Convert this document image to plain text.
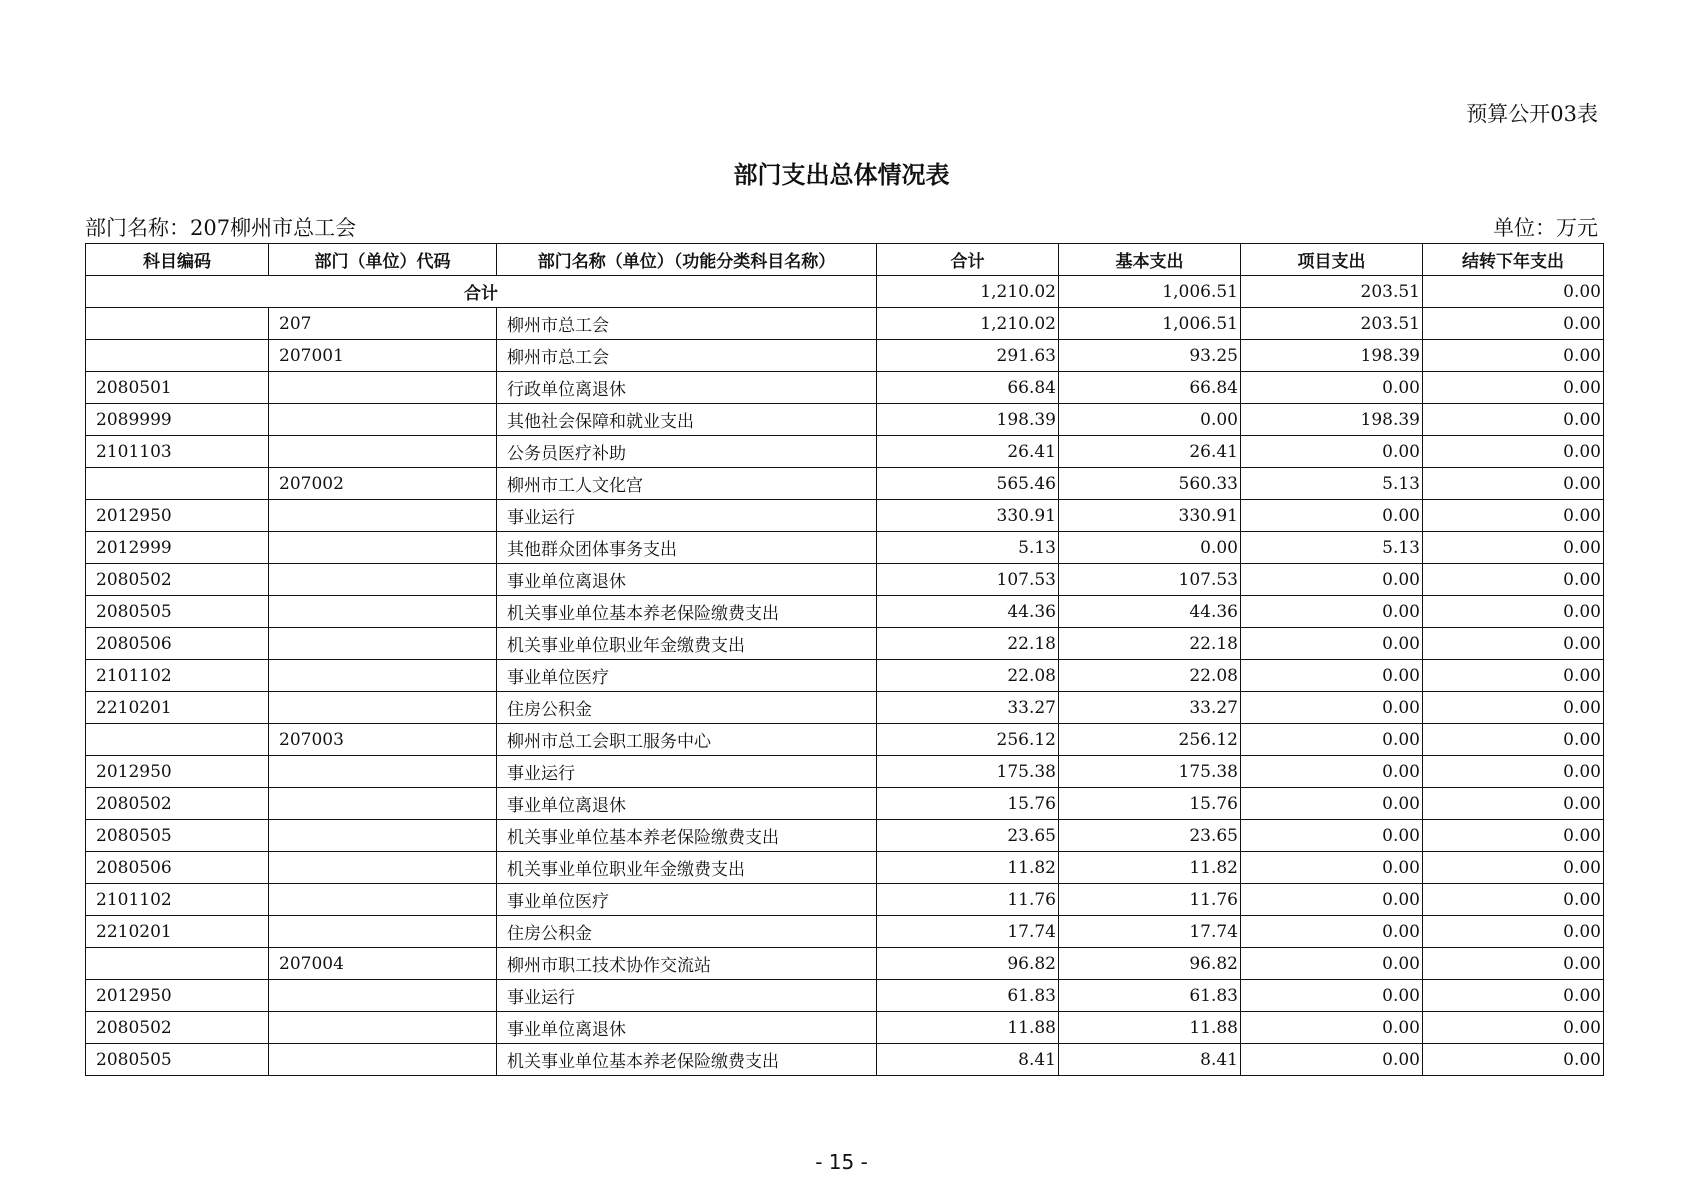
预算公开03表
部门支出总体情况表
部门名称：207柳州市总工会	单位：万元
科目编码	部门（单位）代码	部门名称（单位）（功能分类科目名称）	合计	基本支出	项目支出	结转下年支出
合计			1,210.02	1,006.51	203.51	0.00
	207	柳州市总工会	1,210.02	1,006.51	203.51	0.00
	207001	柳州市总工会	291.63	93.25	198.39	0.00
2080501		行政单位离退休	66.84	66.84	0.00	0.00
2089999		其他社会保障和就业支出	198.39	0.00	198.39	0.00
2101103		公务员医疗补助	26.41	26.41	0.00	0.00
	207002	柳州市工人文化宫	565.46	560.33	5.13	0.00
2012950		事业运行	330.91	330.91	0.00	0.00
2012999		其他群众团体事务支出	5.13	0.00	5.13	0.00
2080502		事业单位离退休	107.53	107.53	0.00	0.00
2080505		机关事业单位基本养老保险缴费支出	44.36	44.36	0.00	0.00
2080506		机关事业单位职业年金缴费支出	22.18	22.18	0.00	0.00
2101102		事业单位医疗	22.08	22.08	0.00	0.00
2210201		住房公积金	33.27	33.27	0.00	0.00
	207003	柳州市总工会职工服务中心	256.12	256.12	0.00	0.00
2012950		事业运行	175.38	175.38	0.00	0.00
2080502		事业单位离退休	15.76	15.76	0.00	0.00
2080505		机关事业单位基本养老保险缴费支出	23.65	23.65	0.00	0.00
2080506		机关事业单位职业年金缴费支出	11.82	11.82	0.00	0.00
2101102		事业单位医疗	11.76	11.76	0.00	0.00
2210201		住房公积金	17.74	17.74	0.00	0.00
	207004	柳州市职工技术协作交流站	96.82	96.82	0.00	0.00
2012950		事业运行	61.83	61.83	0.00	0.00
2080502		事业单位离退休	11.88	11.88	0.00	0.00
2080505		机关事业单位基本养老保险缴费支出	8.41	8.41	0.00	0.00
- 15 -
